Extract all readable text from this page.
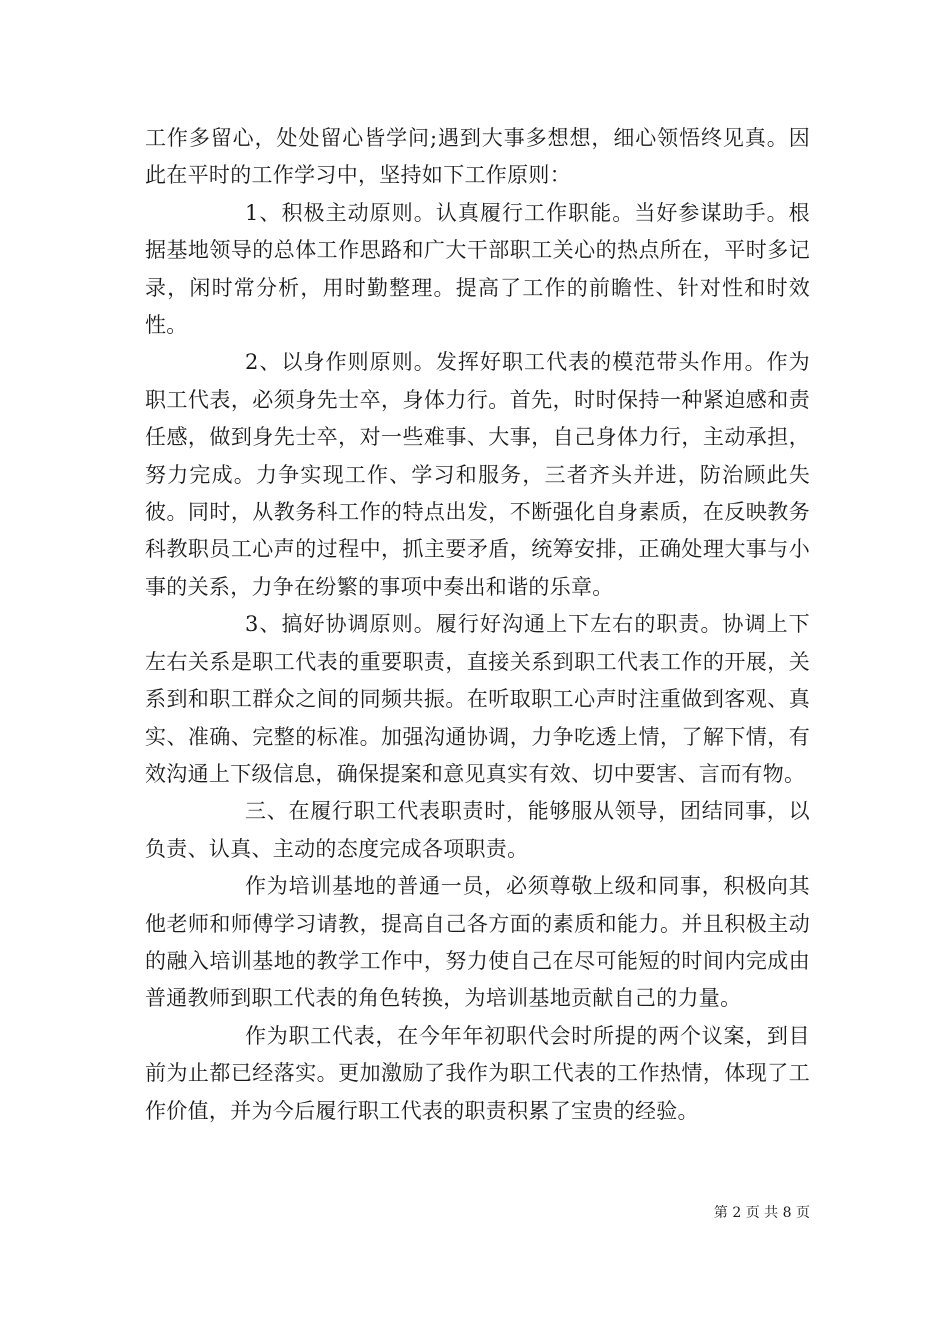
工作多留心，处处留心皆学问;遇到大事多想想，细心领悟终见真。因此在平时的工作学习中，坚持如下工作原则：

1、积极主动原则。认真履行工作职能。当好参谋助手。根据基地领导的总体工作思路和广大干部职工关心的热点所在，平时多记录，闲时常分析，用时勤整理。提高了工作的前瞻性、针对性和时效性。

2、以身作则原则。发挥好职工代表的模范带头作用。作为职工代表，必须身先士卒，身体力行。首先，时时保持一种紧迫感和责任感，做到身先士卒，对一些难事、大事，自己身体力行，主动承担，努力完成。力争实现工作、学习和服务，三者齐头并进，防治顾此失彼。同时，从教务科工作的特点出发，不断强化自身素质，在反映教务科教职员工心声的过程中，抓主要矛盾，统筹安排，正确处理大事与小事的关系，力争在纷繁的事项中奏出和谐的乐章。

3、搞好协调原则。履行好沟通上下左右的职责。协调上下左右关系是职工代表的重要职责，直接关系到职工代表工作的开展，关系到和职工群众之间的同频共振。在听取职工心声时注重做到客观、真实、准确、完整的标准。加强沟通协调，力争吃透上情，了解下情，有效沟通上下级信息，确保提案和意见真实有效、切中要害、言而有物。

三、在履行职工代表职责时，能够服从领导，团结同事，以负责、认真、主动的态度完成各项职责。

作为培训基地的普通一员，必须尊敬上级和同事，积极向其他老师和师傅学习请教，提高自己各方面的素质和能力。并且积极主动的融入培训基地的教学工作中，努力使自己在尽可能短的时间内完成由普通教师到职工代表的角色转换，为培训基地贡献自己的力量。

作为职工代表，在今年年初职代会时所提的两个议案，到目前为止都已经落实。更加激励了我作为职工代表的工作热情，体现了工作价值，并为今后履行职工代表的职责积累了宝贵的经验。

第 2 页 共 8 页
